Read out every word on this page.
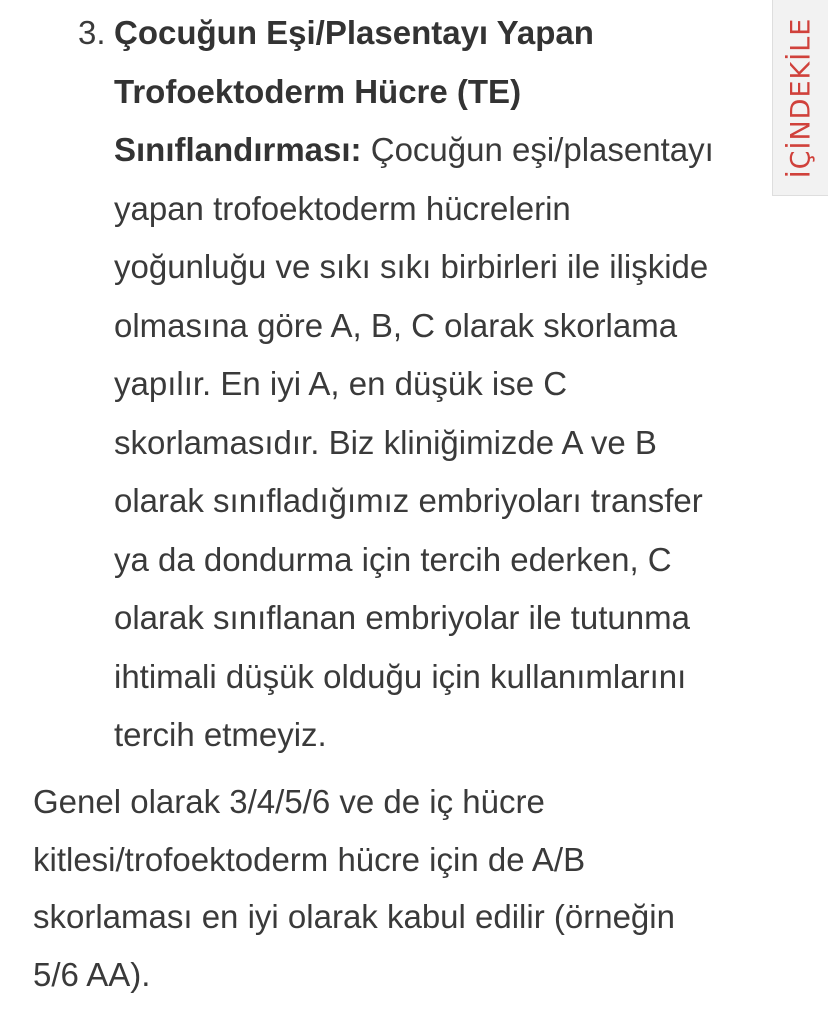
3. Çocuğun Eşi/Plasentayı Yapan
Trofoektoderm Hücre (TE)
Sınıflandırması: Çocuğun eşi/plasentayı
yapan trofoektoderm hücrelerin
yoğunluğu ve sıkı sıkı birbirleri ile ilişkide
olmasına göre A, B, C olarak skorlama
yapılır. En iyi A, en düşük ise C
skorlamasıdır. Biz kliniğimizde A ve B
olarak sınıfladığımız embriyoları transfer
ya da dondurma için tercih ederken, C
olarak sınıflanan embriyolar ile tutunma
ihtimali düşük olduğu için kullanımlarını
tercih etmeyiz.
Genel olarak 3/4/5/6 ve de iç hücre
kitlesi/trofoektoderm hücre için de A/B
skorlaması en iyi olarak kabul edilir (örneğin
5/6 AA).
İÇİNDEKİLE
